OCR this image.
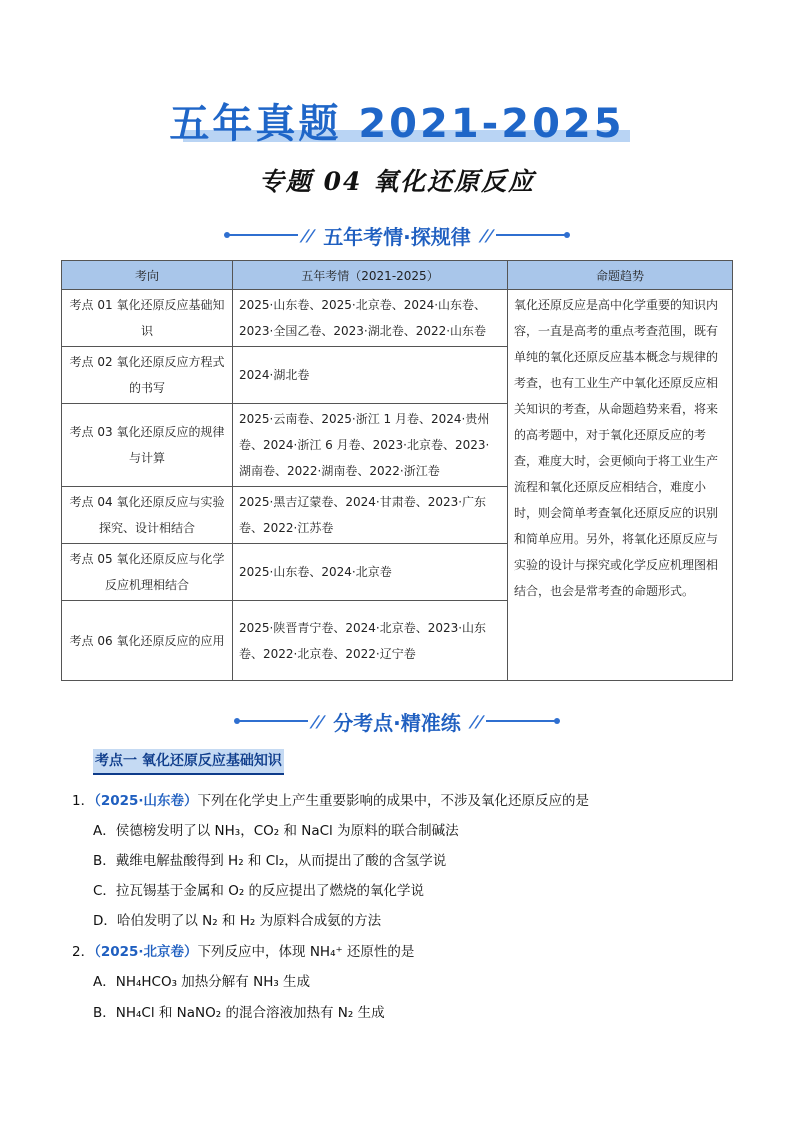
五年真题 2021-2025
专题 04 氧化还原反应
// 五年考情·探规律 //
考向	五年考情（2021-2025）	命题趋势
考点 01 氧化还原反应基础知识	2025·山东卷、2025·北京卷、2024·山东卷、2023·全国乙卷、2023·湖北卷、2022·山东卷	氧化还原反应是高中化学重要的知识内容，一直是高考的重点考查范围，既有单纯的氧化还原反应基本概念与规律的考查，也有工业生产中氧化还原反应相关知识的考查，从命题趋势来看，将来的高考题中，对于氧化还原反应的考查，难度大时，会更倾向于将工业生产流程和氧化还原反应相结合，难度小时，则会简单考查氧化还原反应的识别和简单应用。另外，将氧化还原反应与实验的设计与探究或化学反应机理图相结合，也会是常考查的命题形式。
考点 02 氧化还原反应方程式的书写	2024·湖北卷	
考点 03 氧化还原反应的规律与计算	2025·云南卷、2025·浙江 1 月卷、2024·贵州卷、2024·浙江 6 月卷、2023·北京卷、2023·湖南卷、2022·湖南卷、2022·浙江卷	
考点 04 氧化还原反应与实验探究、设计相结合	2025·黑吉辽蒙卷、2024·甘肃卷、2023·广东卷、2022·江苏卷	
考点 05 氧化还原反应与化学反应机理相结合	2025·山东卷、2024·北京卷	
考点 06 氧化还原反应的应用	2025·陕晋青宁卷、2024·北京卷、2023·山东卷、2022·北京卷、2022·辽宁卷	
// 分考点·精准练 //
考点一 氧化还原反应基础知识
1．（2025·山东卷）下列在化学史上产生重要影响的成果中，不涉及氧化还原反应的是
A．侯德榜发明了以 NH₃，CO₂ 和 NaCl 为原料的联合制碱法
B．戴维电解盐酸得到 H₂ 和 Cl₂，从而提出了酸的含氢学说
C．拉瓦锡基于金属和 O₂ 的反应提出了燃烧的氧化学说
D．哈伯发明了以 N₂ 和 H₂ 为原料合成氨的方法
2．（2025·北京卷）下列反应中，体现 NH₄⁺ 还原性的是
A．NH₄HCO₃ 加热分解有 NH₃ 生成
B．NH₄Cl 和 NaNO₂ 的混合溶液加热有 N₂ 生成
